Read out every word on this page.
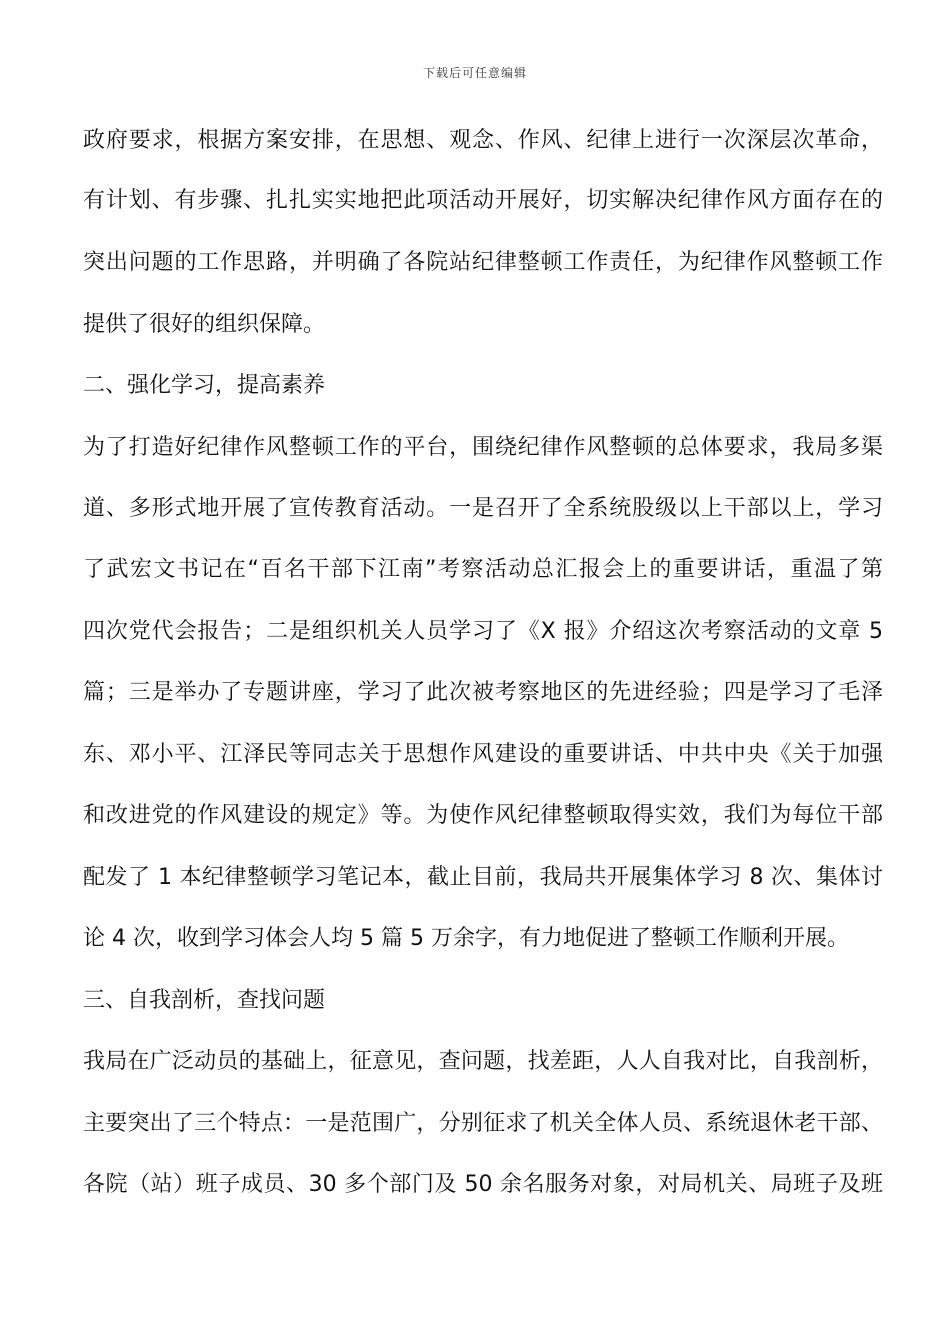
下载后可任意编辑
政府要求，根据方案安排，在思想、观念、作风、纪律上进行一次深层次革命，
有计划、有步骤、扎扎实实地把此项活动开展好，切实解决纪律作风方面存在的
突出问题的工作思路，并明确了各院站纪律整顿工作责任，为纪律作风整顿工作
提供了很好的组织保障。
二、强化学习，提高素养
为了打造好纪律作风整顿工作的平台，围绕纪律作风整顿的总体要求，我局多渠
道、多形式地开展了宣传教育活动。一是召开了全系统股级以上干部以上，学习
了武宏文书记在“百名干部下江南”考察活动总汇报会上的重要讲话，重温了第
四次党代会报告；二是组织机关人员学习了《X 报》介绍这次考察活动的文章 5
篇；三是举办了专题讲座，学习了此次被考察地区的先进经验；四是学习了毛泽
东、邓小平、江泽民等同志关于思想作风建设的重要讲话、中共中央《关于加强
和改进党的作风建设的规定》等。为使作风纪律整顿取得实效，我们为每位干部
配发了 1 本纪律整顿学习笔记本，截止目前，我局共开展集体学习 8 次、集体讨
论 4 次，收到学习体会人均 5 篇 5 万余字，有力地促进了整顿工作顺利开展。
三、自我剖析，查找问题
我局在广泛动员的基础上，征意见，查问题，找差距，人人自我对比，自我剖析，
主要突出了三个特点：一是范围广，分别征求了机关全体人员、系统退休老干部、
各院（站）班子成员、30 多个部门及 50 余名服务对象，对局机关、局班子及班
